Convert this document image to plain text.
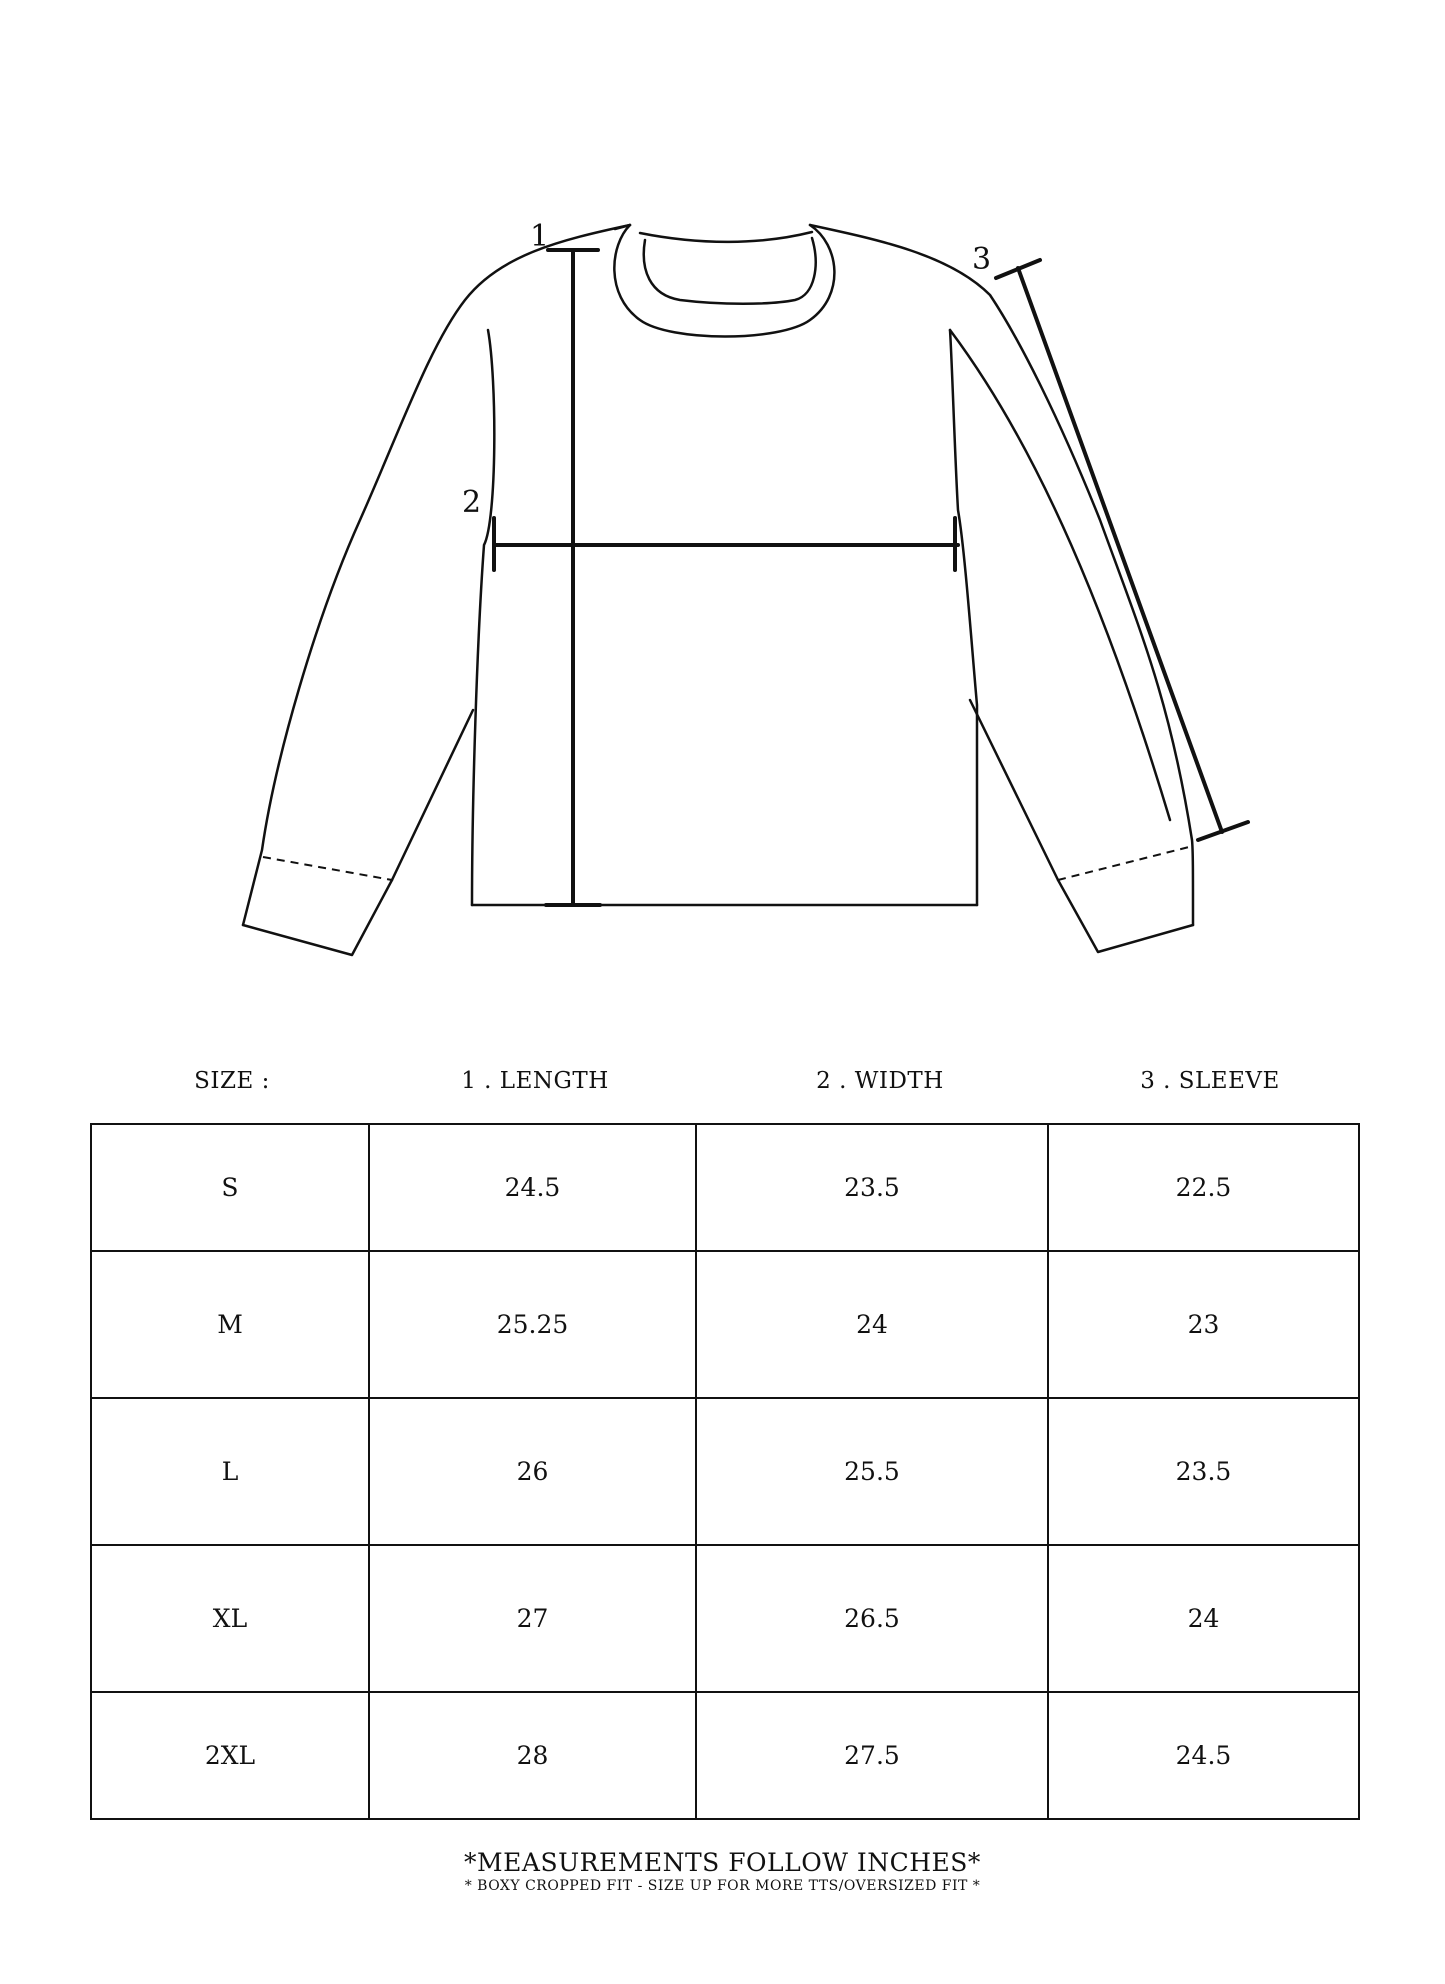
1
2
3
SIZE :	1 . LENGTH	2 . WIDTH	3 . SLEEVE
S	24.5	23.5	22.5
M	25.25	24	23
L	26	25.5	23.5
XL	27	26.5	24
2XL	28	27.5	24.5
*MEASUREMENTS FOLLOW INCHES*
* BOXY CROPPED FIT - SIZE UP FOR MORE TTS/OVERSIZED FIT *
